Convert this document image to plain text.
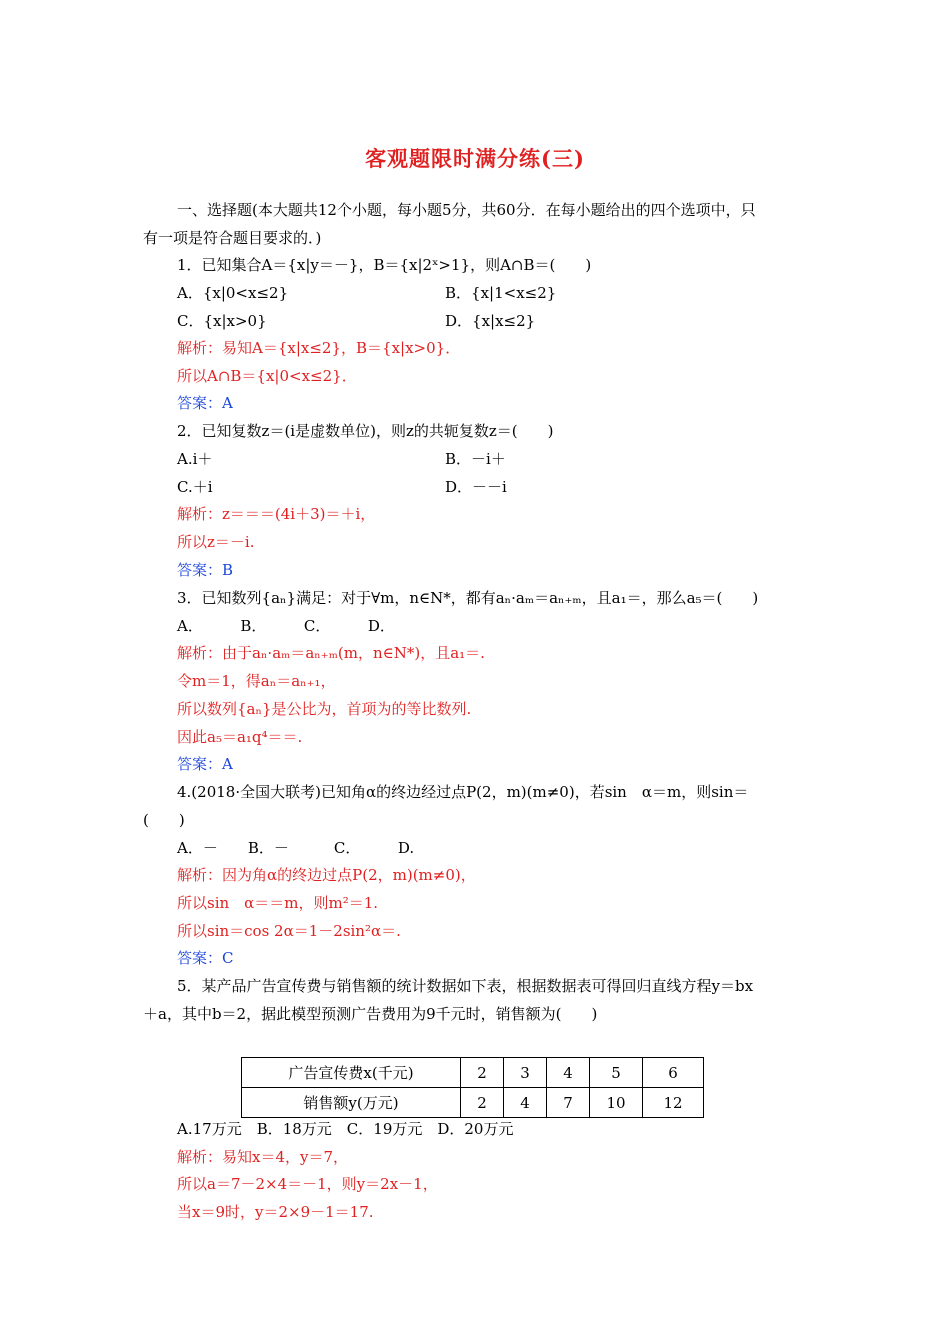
客观题限时满分练(三)
一、选择题(本大题共12个小题，每小题5分，共60分．在每小题给出的四个选项中，只
有一项是符合题目要求的．)
1．已知集合A＝{x|y＝－}，B＝{x|2ˣ>1}，则A∩B＝(　　)
A．{x|0<x≤2}	B．{x|1<x≤2}
C．{x|x>0}	D．{x|x≤2}
解析：易知A＝{x|x≤2}，B＝{x|x>0}．
所以A∩B＝{x|0<x≤2}．
答案：A
2．已知复数z＝(i是虚数单位)，则z的共轭复数z＝(　　)
A.i＋	B．－i＋
C.＋i	D．－－i
解析：z＝＝＝(4i＋3)＝＋i，
所以z＝－i.
答案：B
3．已知数列{aₙ}满足：对于∀m，n∈N*，都有aₙ·aₘ＝aₙ₊ₘ，且a₁＝，那么a₅＝(　　)
A．　　　B．　　　C．　　　D．
解析：由于aₙ·aₘ＝aₙ₊ₘ(m，n∈N*)，且a₁＝.
令m＝1，得aₙ＝aₙ₊₁，
所以数列{aₙ}是公比为，首项为的等比数列.
因此a₅＝a₁q⁴＝＝.
答案：A
4.(2018·全国大联考)已知角α的终边经过点P(2，m)(m≠0)，若sin　α＝m，则sin＝
(　　)
A．－　　B．－　　　C．　　　D.
解析：因为角α的终边过点P(2，m)(m≠0)，
所以sin　α＝＝m，则m²＝1.
所以sin＝cos 2α＝1－2sin²α＝.
答案：C
5．某产品广告宣传费与销售额的统计数据如下表，根据数据表可得回归直线方程y＝bx
＋a，其中b＝2，据此模型预测广告费用为9千元时，销售额为(　　)
广告宣传费x(千元)	2	3	4	5	6
销售额y(万元)	2	4	7	10	12
A.17万元　B．18万元　C．19万元　D．20万元
解析：易知x＝4，y＝7，
所以a＝7－2×4＝－1，则y＝2x－1，
当x＝9时，y＝2×9－1＝17.
